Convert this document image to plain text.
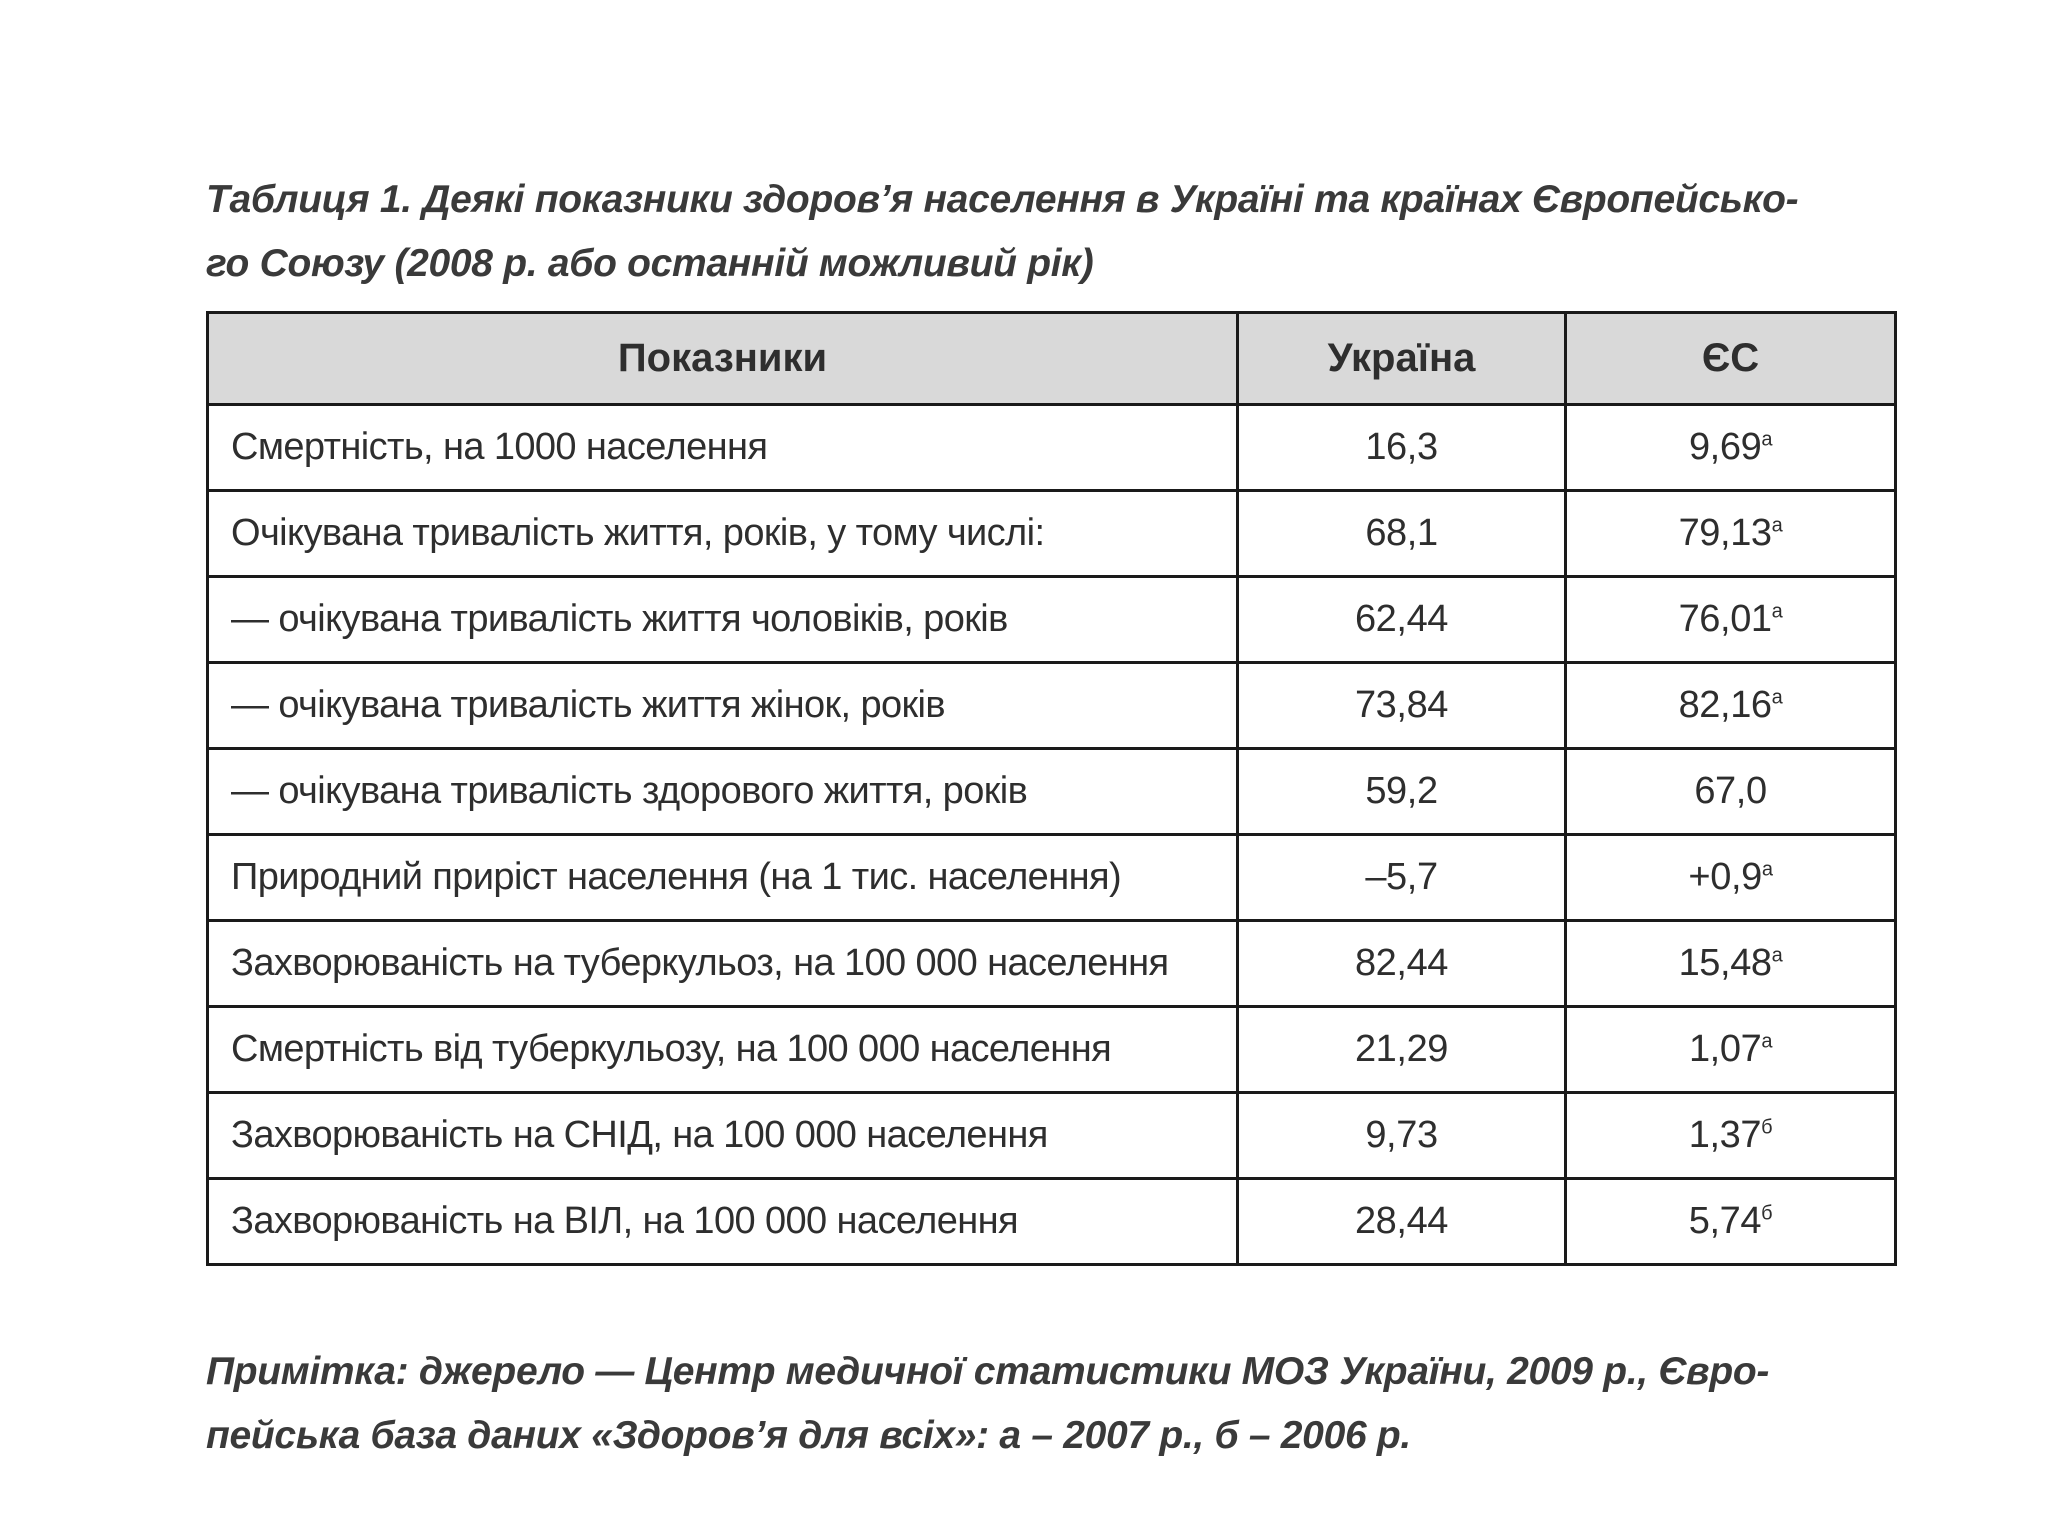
Таблиця 1. Деякі показники здоров’я населення в Україні та країнах Європейсько-
го Союзу (2008 р. або останній можливий рік)
Показники	Україна	ЄС
Смертність, на 1000 населення	16,3	$9,69^а$
Очікувана тривалість життя, років, у тому числі:	68,1	$79,13^а$
— очікувана тривалість життя чоловіків, років	62,44	$76,01^а$
— очікувана тривалість життя жінок, років	73,84	$82,16^а$
— очікувана тривалість здорового життя, років	59,2	67,0
Природний приріст населення (на 1 тис. населення)	–5,7	$+0,9^а$
Захворюваність на туберкульоз, на 100 000 населення	82,44	$15,48^а$
Смертність від туберкульозу, на 100 000 населення	21,29	$1,07^а$
Захворюваність на СНІД, на 100 000 населення	9,73	$1,37^б$
Захворюваність на ВІЛ, на 100 000 населення	28,44	$5,74^б$
Примітка: джерело — Центр медичної статистики МОЗ України, 2009 р., Євро-
пейська база даних «Здоров’я для всіх»: а – 2007 р., б – 2006 р.
